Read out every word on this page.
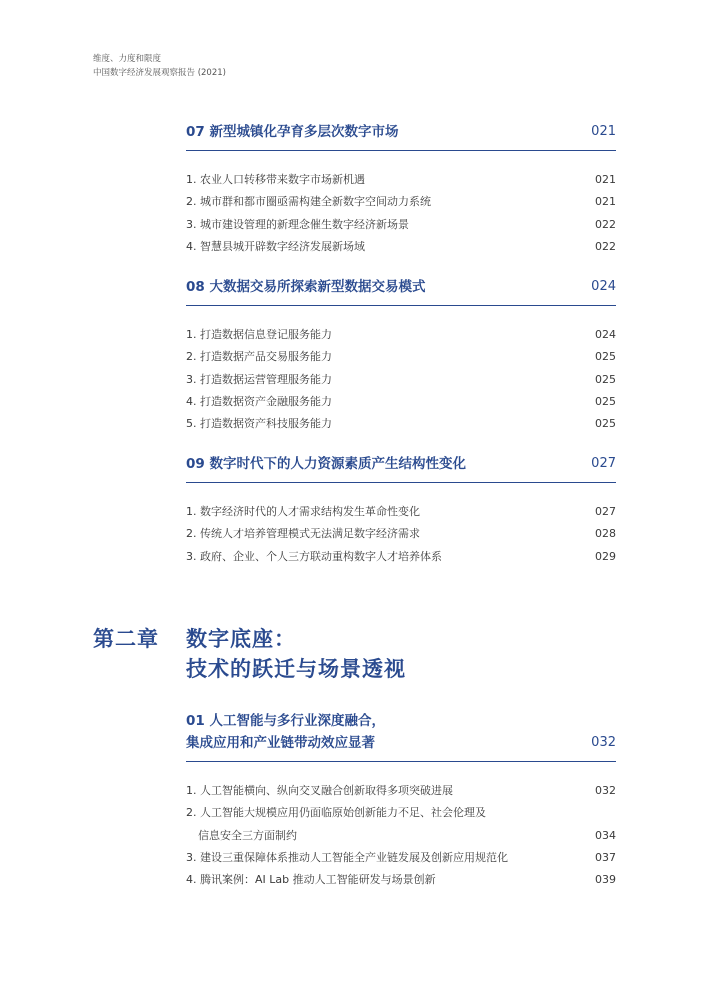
维度、力度和限度
中国数字经济发展观察报告 (2021)
07 新型城镇化孕育多层次数字市场	021
1. 农业人口转移带来数字市场新机遇	021
2. 城市群和都市圈亟需构建全新数字空间动力系统	021
3. 城市建设管理的新理念催生数字经济新场景	022
4. 智慧县城开辟数字经济发展新场域	022
08 大数据交易所探索新型数据交易模式	024
1. 打造数据信息登记服务能力	024
2. 打造数据产品交易服务能力	025
3. 打造数据运营管理服务能力	025
4. 打造数据资产金融服务能力	025
5. 打造数据资产科技服务能力	025
09 数字时代下的人力资源素质产生结构性变化	027
1. 数字经济时代的人才需求结构发生革命性变化	027
2. 传统人才培养管理模式无法满足数字经济需求	028
3. 政府、企业、个人三方联动重构数字人才培养体系	029
第二章	数字底座：
技术的跃迁与场景透视
01 人工智能与多行业深度融合，
集成应用和产业链带动效应显著	032
1. 人工智能横向、纵向交叉融合创新取得多项突破进展	032
2. 人工智能大规模应用仍面临原始创新能力不足、社会伦理及
信息安全三方面制约	034
3. 建设三重保障体系推动人工智能全产业链发展及创新应用规范化	037
4. 腾讯案例：AI Lab 推动人工智能研发与场景创新	039
